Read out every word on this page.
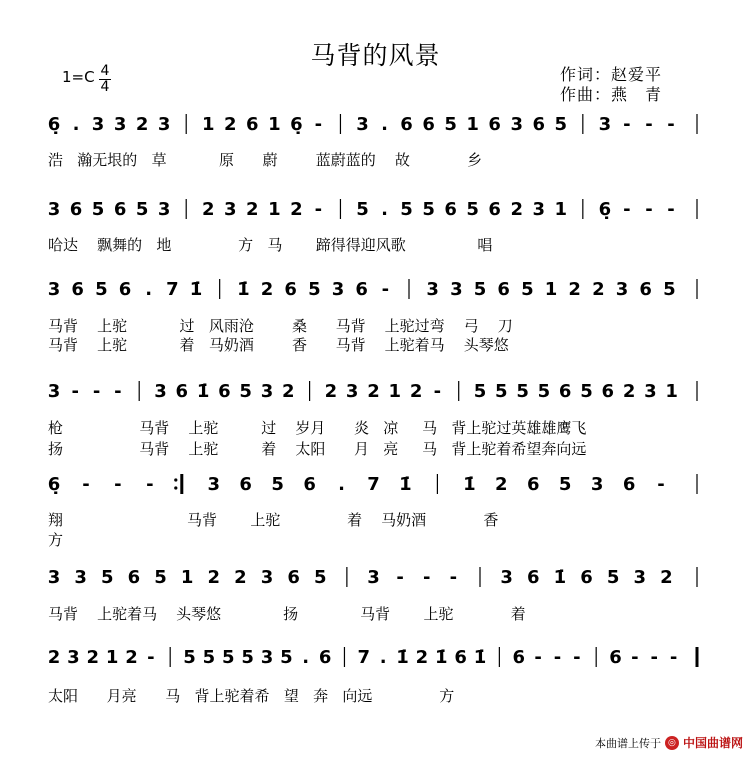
马背的风景
1=C 4
4
作词：赵爱平
作曲：燕　青
6̣ . 3 3 2 3 1 2 6 1 6̣ - 3 . 6 6 5 1 6 3 6 5 3 - - -
3 6 5 6 5 3 2 3 2 1 2 - 5 . 5 5 6 5 6 2 3 1 6̣ - - -
3 6 5 6 . 7 1̇ 1̇ 2 6 5 3 6 - 3 3 5 6 5 1 2 2 3 6 5
3 - - - 3 6 1̇ 6 5 3 2 2 3 2 1 2 - 5 5 5 5 6 5 6 2 3 1
6̣ - - -	3 6 5 6 . 7 1̇	1̇ 2 6 5 3 6 -
3 3 5 6 5 1 2 2 3 6 5 3 - - - 3 6 1̇ 6 5 3 2
2 3 2 1 2 - 5 5 5 5 3 5 . 6 7 . 1̇ 2 1̇ 6 1̇ 6 - - - 6 - - -
浩   瀚无垠的   草           原      蔚        蓝蔚蓝的    故            乡
哈达    飘舞的   地              方   马       蹄得得迎风歌               唱
马背    上驼           过   风雨沧        桑      马背    上驼过弯    弓    刀
马背    上驼           着   马奶酒        香      马背    上驼着马    头琴悠
枪                马背    上驼         过    岁月      炎   凉     马   背上驼过英雄雄鹰飞
扬                马背    上驼         着    太阳      月   亮     马   背上驼着希望奔向远
翔                          马背       上驼              着    马奶酒            香
方
马背    上驼着马    头琴悠             扬             马背       上驼            着
太阳      月亮      马   背上驼着希   望   奔   向远              方
本曲谱上传于 ◎ 中国曲谱网
